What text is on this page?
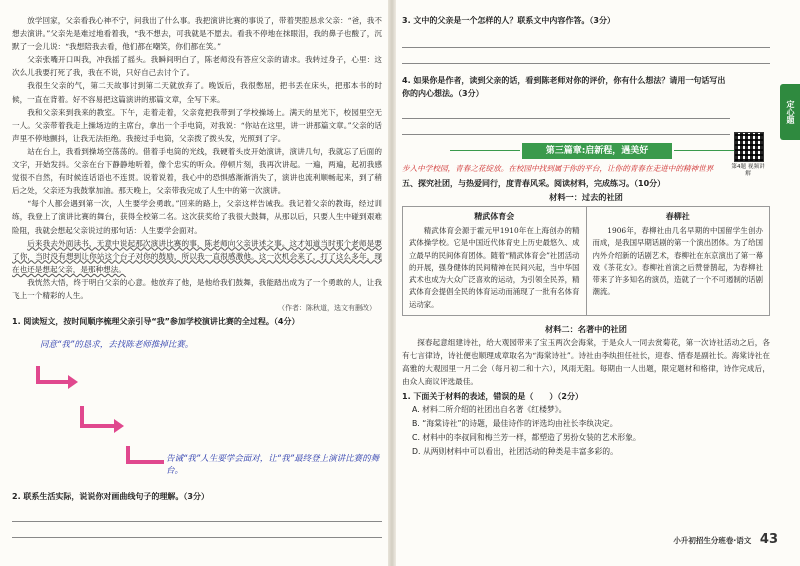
放学回家，父亲看我心神不宁，问我出了什么事。我把演讲比赛的事说了，带着哭腔恳求父亲：“爸，我不想去演讲。”父亲先是难过地看着我，“我不想去，可我就是不愿去。看我不停地在抹眼泪，我的鼻子也酸了，沉默了一会儿说：“我想陪我去看，他们都在嘲笑，你们都在笑。”

父亲张嘴开口叫我，冲我摇了摇头。我瞬间明白了，陈老师没有答应父亲的请求。我转过身子，心里：这次么儿我要打死了我，我在不说，只好自己去讨个了。

我很生父亲的气，第二天故事讨到第二天就放弃了。晚饭后，我很憋屈，把书丢在床头，把那本书的时候，一直在背着。好不容易把这篇演讲的那篇文章，全写下来。

我和父亲来到我来的教室。下午，走着走着，父亲竟把我带到了学校操场上。满天的星光下，校园里空无一人。父亲带着我走上操场边的主席台，拿出一个手电筒，对我说：“你站在这里，讲一讲那篇文章。”父亲的话声里不停地颤抖，让我无法拒绝。我接过手电筒，父亲拨了拨头发，光照到了字。

站在台上，我看到操场空荡荡的。借着手电筒的光线，我硬着头皮开始演讲，演讲几句，我就忘了后面的文字，开始发抖。父亲在台下静静地听着，像个忠实的听众。停顿片刻，我再次讲起。一遍，两遍，起初我感觉很不自然，有时候连话语也不连贯。说着说着，我心中的恐惧感渐渐消失了，演讲也流利顺畅起来，到了稍后之处，父亲还为我鼓掌加油。那天晚上，父亲带我完成了人生中的第一次演讲。

“每个人都会遇到第一次，人生要学会勇敢。”回来的路上，父亲这样告诫我。我记着父亲的教诲，经过训练，我登上了演讲比赛的舞台，获得全校第二名。这次获奖给了我很大鼓舞，从那以后，只要人生中碰到艰难险阻，我就会想起父亲说过的那句话：人生要学会面对。

后来我去外面读书，无意中说起那次演讲比赛的事，陈老师向父亲讲述之事。这才知道当时那个老师是要了你，当时没有想到让你站这个台子对你的鼓励，所以我一直很感激他。这一次机会来了，打了这么多年，现在也还是想起父亲，是那种想法。

我恍然大悟，终于明白父亲的心意。他放弃了他，是他给我们鼓舞，我能踏出成为了一个勇敢的人，让我飞上一个精彩的人生。

（作者：陈秋道，选文有删改）
1. 阅读短文，按时间顺序梳理父亲引导“我”参加学校演讲比赛的全过程。（4分）
同意“我”的恳求，去找陈老师推掉比赛。
告诫“我”人生要学会面对，让“我”最终登上演讲比赛的舞台。
2. 联系生活实际，说说你对画曲线句子的理解。（3分）
3. 文中的父亲是一个怎样的人？联系文中内容作答。（3分）
4. 如果你是作者，读到父亲的话，看到陈老师对你的评价，你有什么想法？请用一句话写出你的内心想法。（3分）
第三篇章:启新程，遇美好
步入中学校园，青春之花绽放。在校园中找到属于你的平台，让你的青春在走进中的精神世界
五、探究社团，与热爱同行，度青春风采。阅读材料，完成练习。（10分）
材料一：过去的社团
精武体育会

精武体育会源于霍元甲1910年在上海创办的精武体操学校。它是中国近代体育史上历史最悠久、成立最早的民间体育团体。随着“精武体育会”社团活动的开展，强身健体的民间精神在民间兴起，当中华国武术也成为大众广泛喜欢的运动，为引领全民养，精武体育会提倡全民的体育运动而涌现了一批有名体育运动家。

春柳社

1906年，春柳社由几名早期的中国留学生创办而成，是我国早期话剧的第一个演出团体。为了给国内外介绍新的话剧艺术，春柳社在东京演出了第一幕戏《茶花女》。春柳社首演之后赞誉鹊起，为春柳社带来了许多知名的演员，造就了一个不可遏制的话剧潮流。

材料二：名著中的社团

探春起意组建诗社，给大观园带来了宝玉两次会海棠，于是众人一同去赏菊花，第一次诗社活动之后，各有七言律诗，诗社便也顺理成章取名为“海棠诗社”。诗社由李纨担任社长，迎春、惜春是副社长。海棠诗社在高雅的大观园里一月二会（每月初二和十六），风雨无阻。每期由一人出题，限定题材和格律，诗作完成后，由众人商议评选最佳。

1. 下面关于材料的表述，错误的是（　　）（2分）
A. 材料二所介绍的社团出自名著《红楼梦》。
B. “海棠诗社”的诗题，最佳诗作的评选均由社长李纨决定。
C. 材料中的李叔同和梅兰芳一样，都塑造了男扮女装的艺术形象。
D. 从两则材料中可以看出，社团活动的种类是丰富多彩的。
第4题 视频讲解
定心题
小升初招生分班卷·语文 43
